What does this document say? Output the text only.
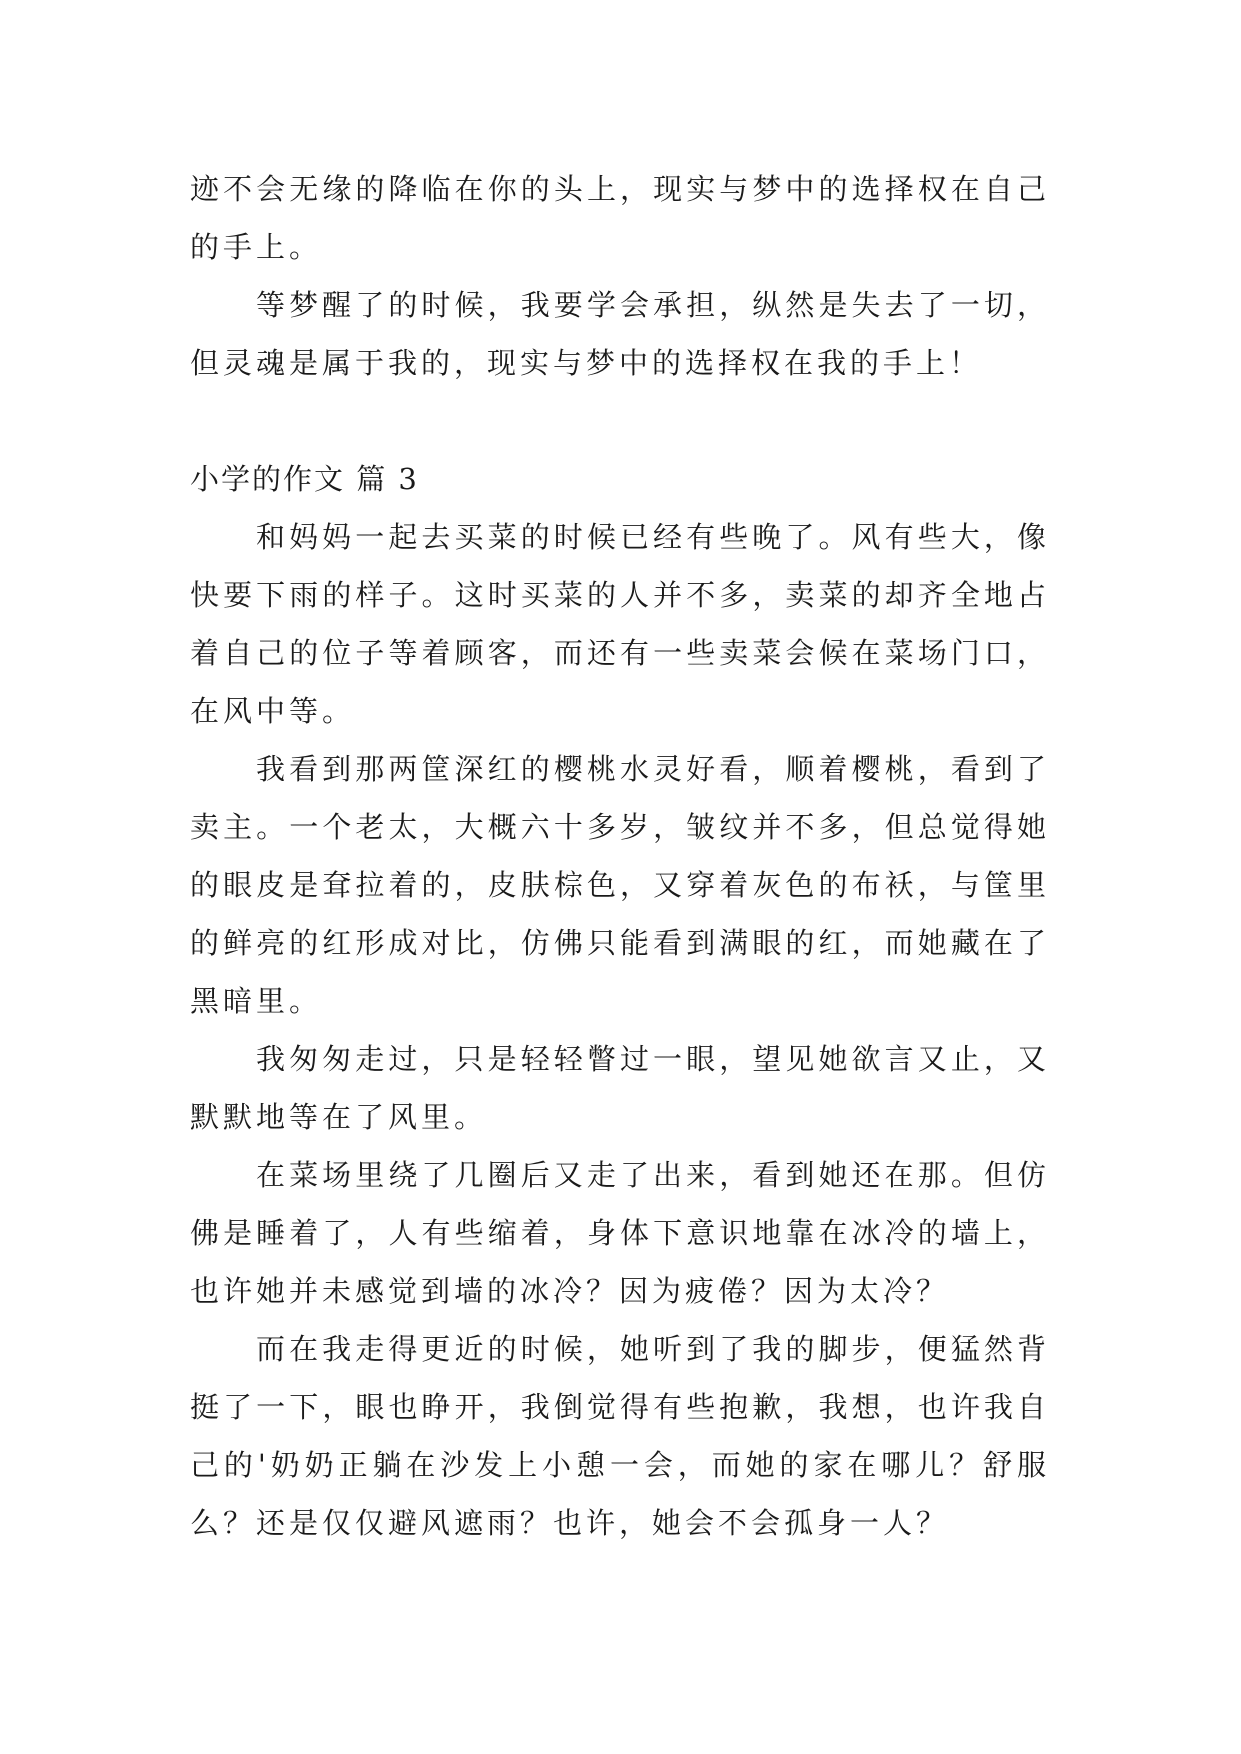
迹不会无缘的降临在你的头上，现实与梦中的选择权在自己的手上。

等梦醒了的时候，我要学会承担，纵然是失去了一切，但灵魂是属于我的，现实与梦中的选择权在我的手上！

小学的作文 篇 3

和妈妈一起去买菜的时候已经有些晚了。风有些大，像快要下雨的样子。这时买菜的人并不多，卖菜的却齐全地占着自己的位子等着顾客，而还有一些卖菜会候在菜场门口，在风中等。

我看到那两筐深红的樱桃水灵好看，顺着樱桃，看到了卖主。一个老太，大概六十多岁，皱纹并不多，但总觉得她的眼皮是耷拉着的，皮肤棕色，又穿着灰色的布袄，与筐里的鲜亮的红形成对比，仿佛只能看到满眼的红，而她藏在了黑暗里。

我匆匆走过，只是轻轻瞥过一眼，望见她欲言又止，又默默地等在了风里。

在菜场里绕了几圈后又走了出来，看到她还在那。但仿佛是睡着了，人有些缩着，身体下意识地靠在冰冷的墙上，也许她并未感觉到墙的冰冷？因为疲倦？因为太冷？

而在我走得更近的时候，她听到了我的脚步，便猛然背挺了一下，眼也睁开，我倒觉得有些抱歉，我想，也许我自己的'奶奶正躺在沙发上小憩一会，而她的家在哪儿？舒服么？还是仅仅避风遮雨？也许，她会不会孤身一人？
